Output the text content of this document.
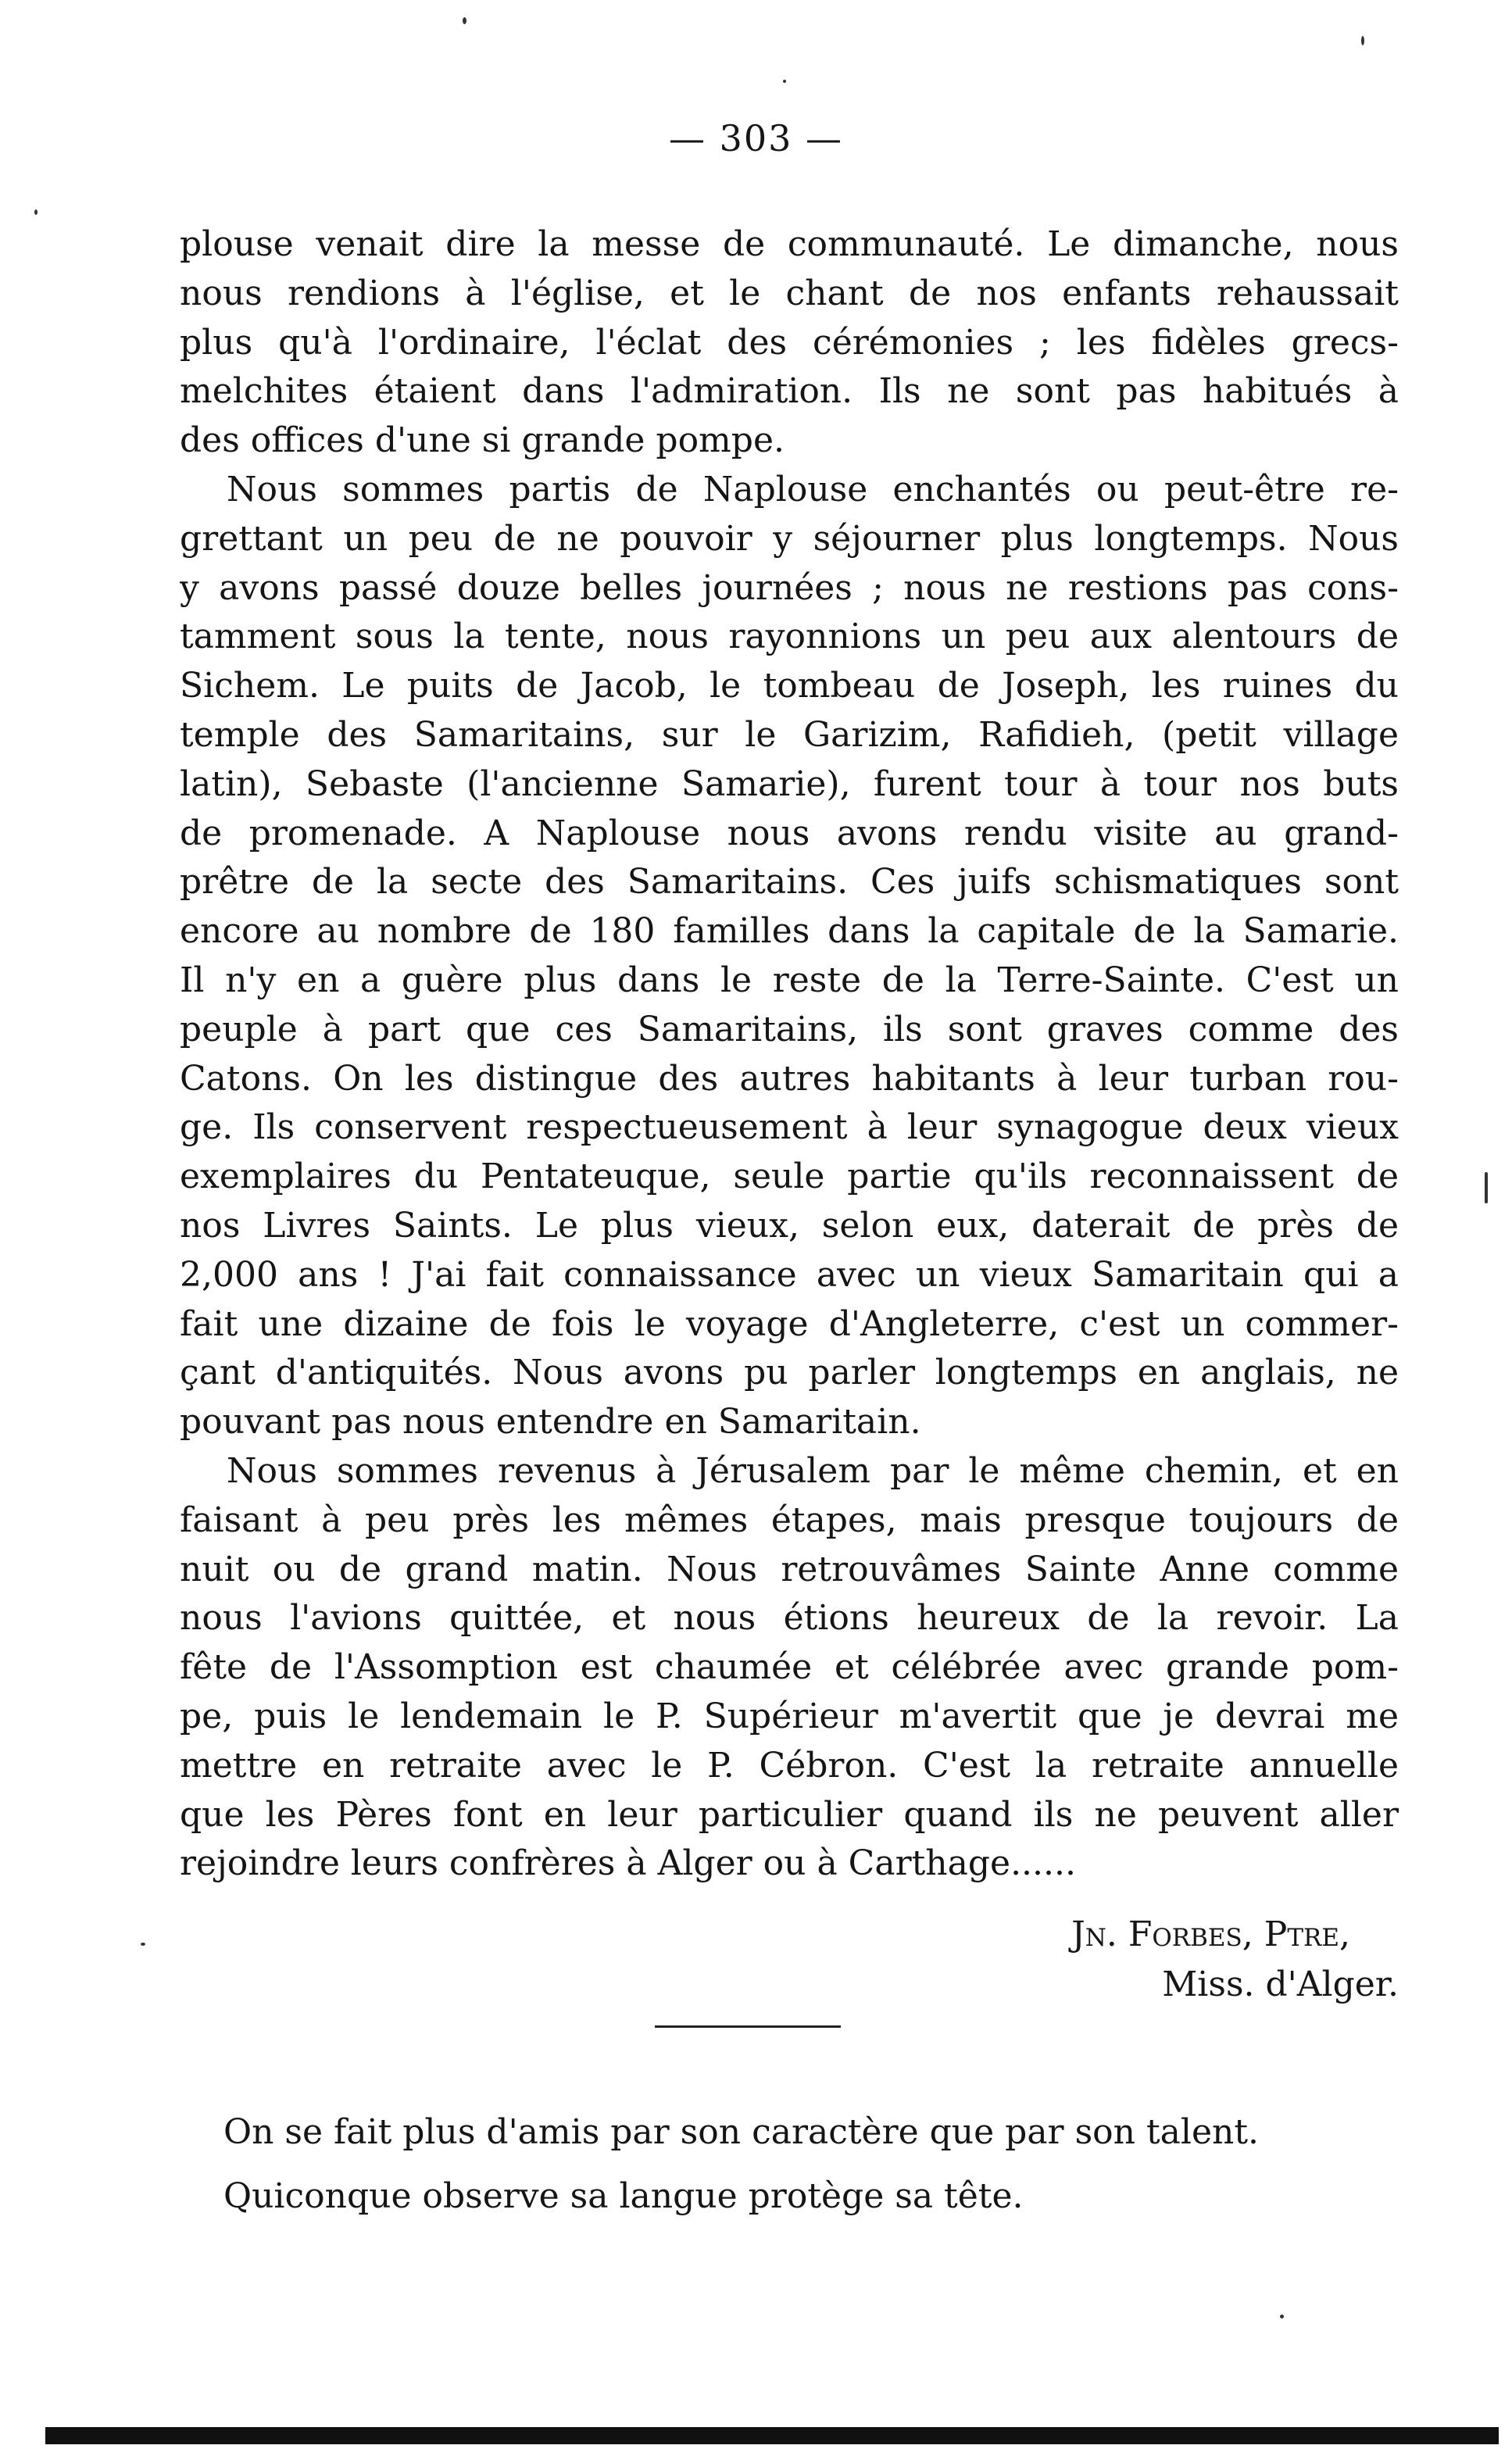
— 303 —
plouse venait dire la messe de communauté. Le dimanche, nous
nous rendions à l'église, et le chant de nos enfants rehaussait
plus qu'à l'ordinaire, l'éclat des cérémonies ; les fidèles grecs-
melchites étaient dans l'admiration. Ils ne sont pas habitués à
des offices d'une si grande pompe.
Nous sommes partis de Naplouse enchantés ou peut-être re-
grettant un peu de ne pouvoir y séjourner plus longtemps. Nous
y avons passé douze belles journées ; nous ne restions pas cons-
tamment sous la tente, nous rayonnions un peu aux alentours de
Sichem. Le puits de Jacob, le tombeau de Joseph, les ruines du
temple des Samaritains, sur le Garizim, Rafidieh, (petit village
latin), Sebaste (l'ancienne Samarie), furent tour à tour nos buts
de promenade. A Naplouse nous avons rendu visite au grand-
prêtre de la secte des Samaritains. Ces juifs schismatiques sont
encore au nombre de 180 familles dans la capitale de la Samarie.
Il n'y en a guère plus dans le reste de la Terre-Sainte. C'est un
peuple à part que ces Samaritains, ils sont graves comme des
Catons. On les distingue des autres habitants à leur turban rou-
ge. Ils conservent respectueusement à leur synagogue deux vieux
exemplaires du Pentateuque, seule partie qu'ils reconnaissent de
nos Livres Saints. Le plus vieux, selon eux, daterait de près de
2,000 ans ! J'ai fait connaissance avec un vieux Samaritain qui a
fait une dizaine de fois le voyage d'Angleterre, c'est un commer-
çant d'antiquités. Nous avons pu parler longtemps en anglais, ne
pouvant pas nous entendre en Samaritain.
Nous sommes revenus à Jérusalem par le même chemin, et en
faisant à peu près les mêmes étapes, mais presque toujours de
nuit ou de grand matin. Nous retrouvâmes Sainte Anne comme
nous l'avions quittée, et nous étions heureux de la revoir. La
fête de l'Assomption est chaumée et célébrée avec grande pom-
pe, puis le lendemain le P. Supérieur m'avertit que je devrai me
mettre en retraite avec le P. Cébron. C'est la retraite annuelle
que les Pères font en leur particulier quand ils ne peuvent aller
rejoindre leurs confrères à Alger ou à Carthage......
Jn. Forbes, Ptre,
Miss. d'Alger.
On se fait plus d'amis par son caractère que par son talent.
Quiconque observe sa langue protège sa tête.
